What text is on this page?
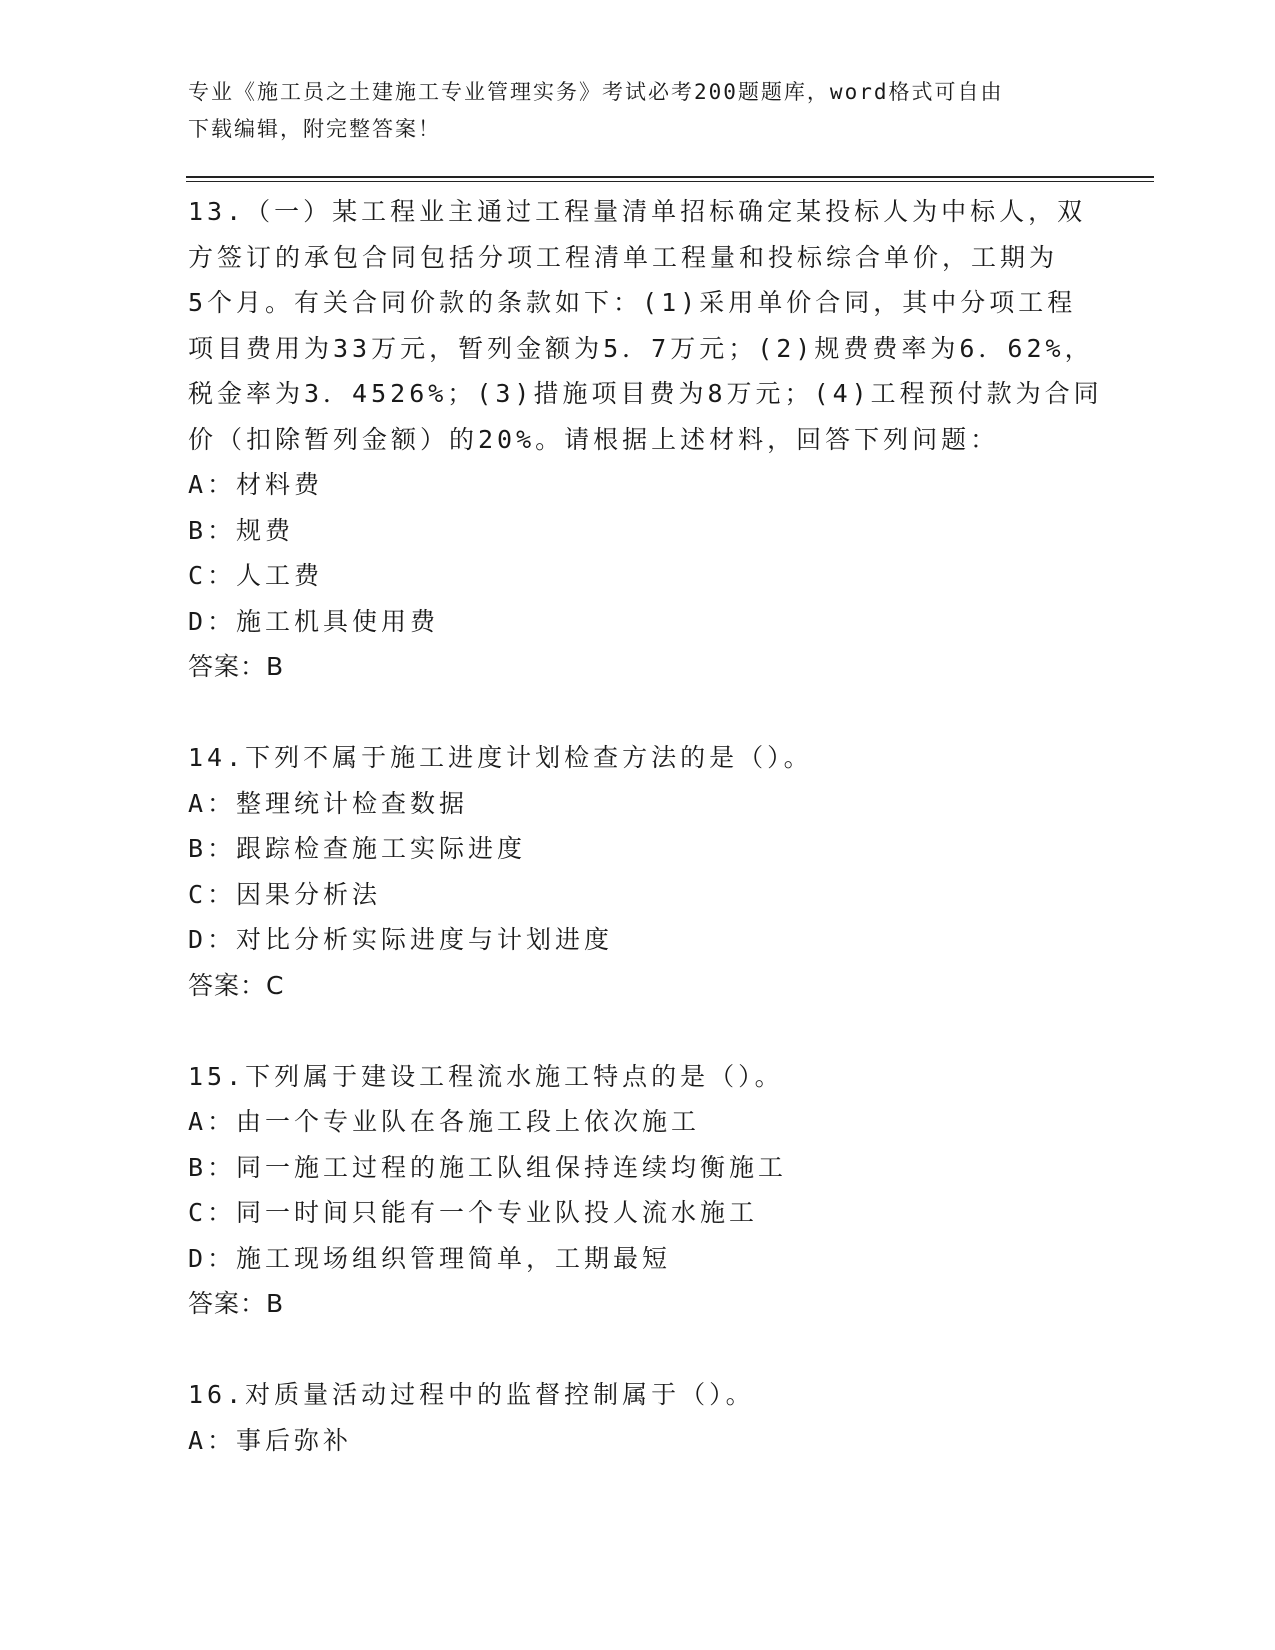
专业《施工员之土建施工专业管理实务》考试必考200题题库，word格式可自由
下载编辑，附完整答案！
13.（一）某工程业主通过工程量清单招标确定某投标人为中标人，双
方签订的承包合同包括分项工程清单工程量和投标综合单价，工期为
5个月。有关合同价款的条款如下：(1)采用单价合同，其中分项工程
项目费用为33万元，暂列金额为5．7万元；(2)规费费率为6．62%，
税金率为3．4526%；(3)措施项目费为8万元；(4)工程预付款为合同
价（扣除暂列金额）的20%。请根据上述材料，回答下列问题：
A：材料费
B：规费
C：人工费
D：施工机具使用费
答案：B
14.下列不属于施工进度计划检查方法的是（）。
A：整理统计检查数据
B：跟踪检查施工实际进度
C：因果分析法
D：对比分析实际进度与计划进度
答案：C
15.下列属于建设工程流水施工特点的是（）。
A：由一个专业队在各施工段上依次施工
B：同一施工过程的施工队组保持连续均衡施工
C：同一时间只能有一个专业队投人流水施工
D：施工现场组织管理简单，工期最短
答案：B
16.对质量活动过程中的监督控制属于（）。
A：事后弥补
